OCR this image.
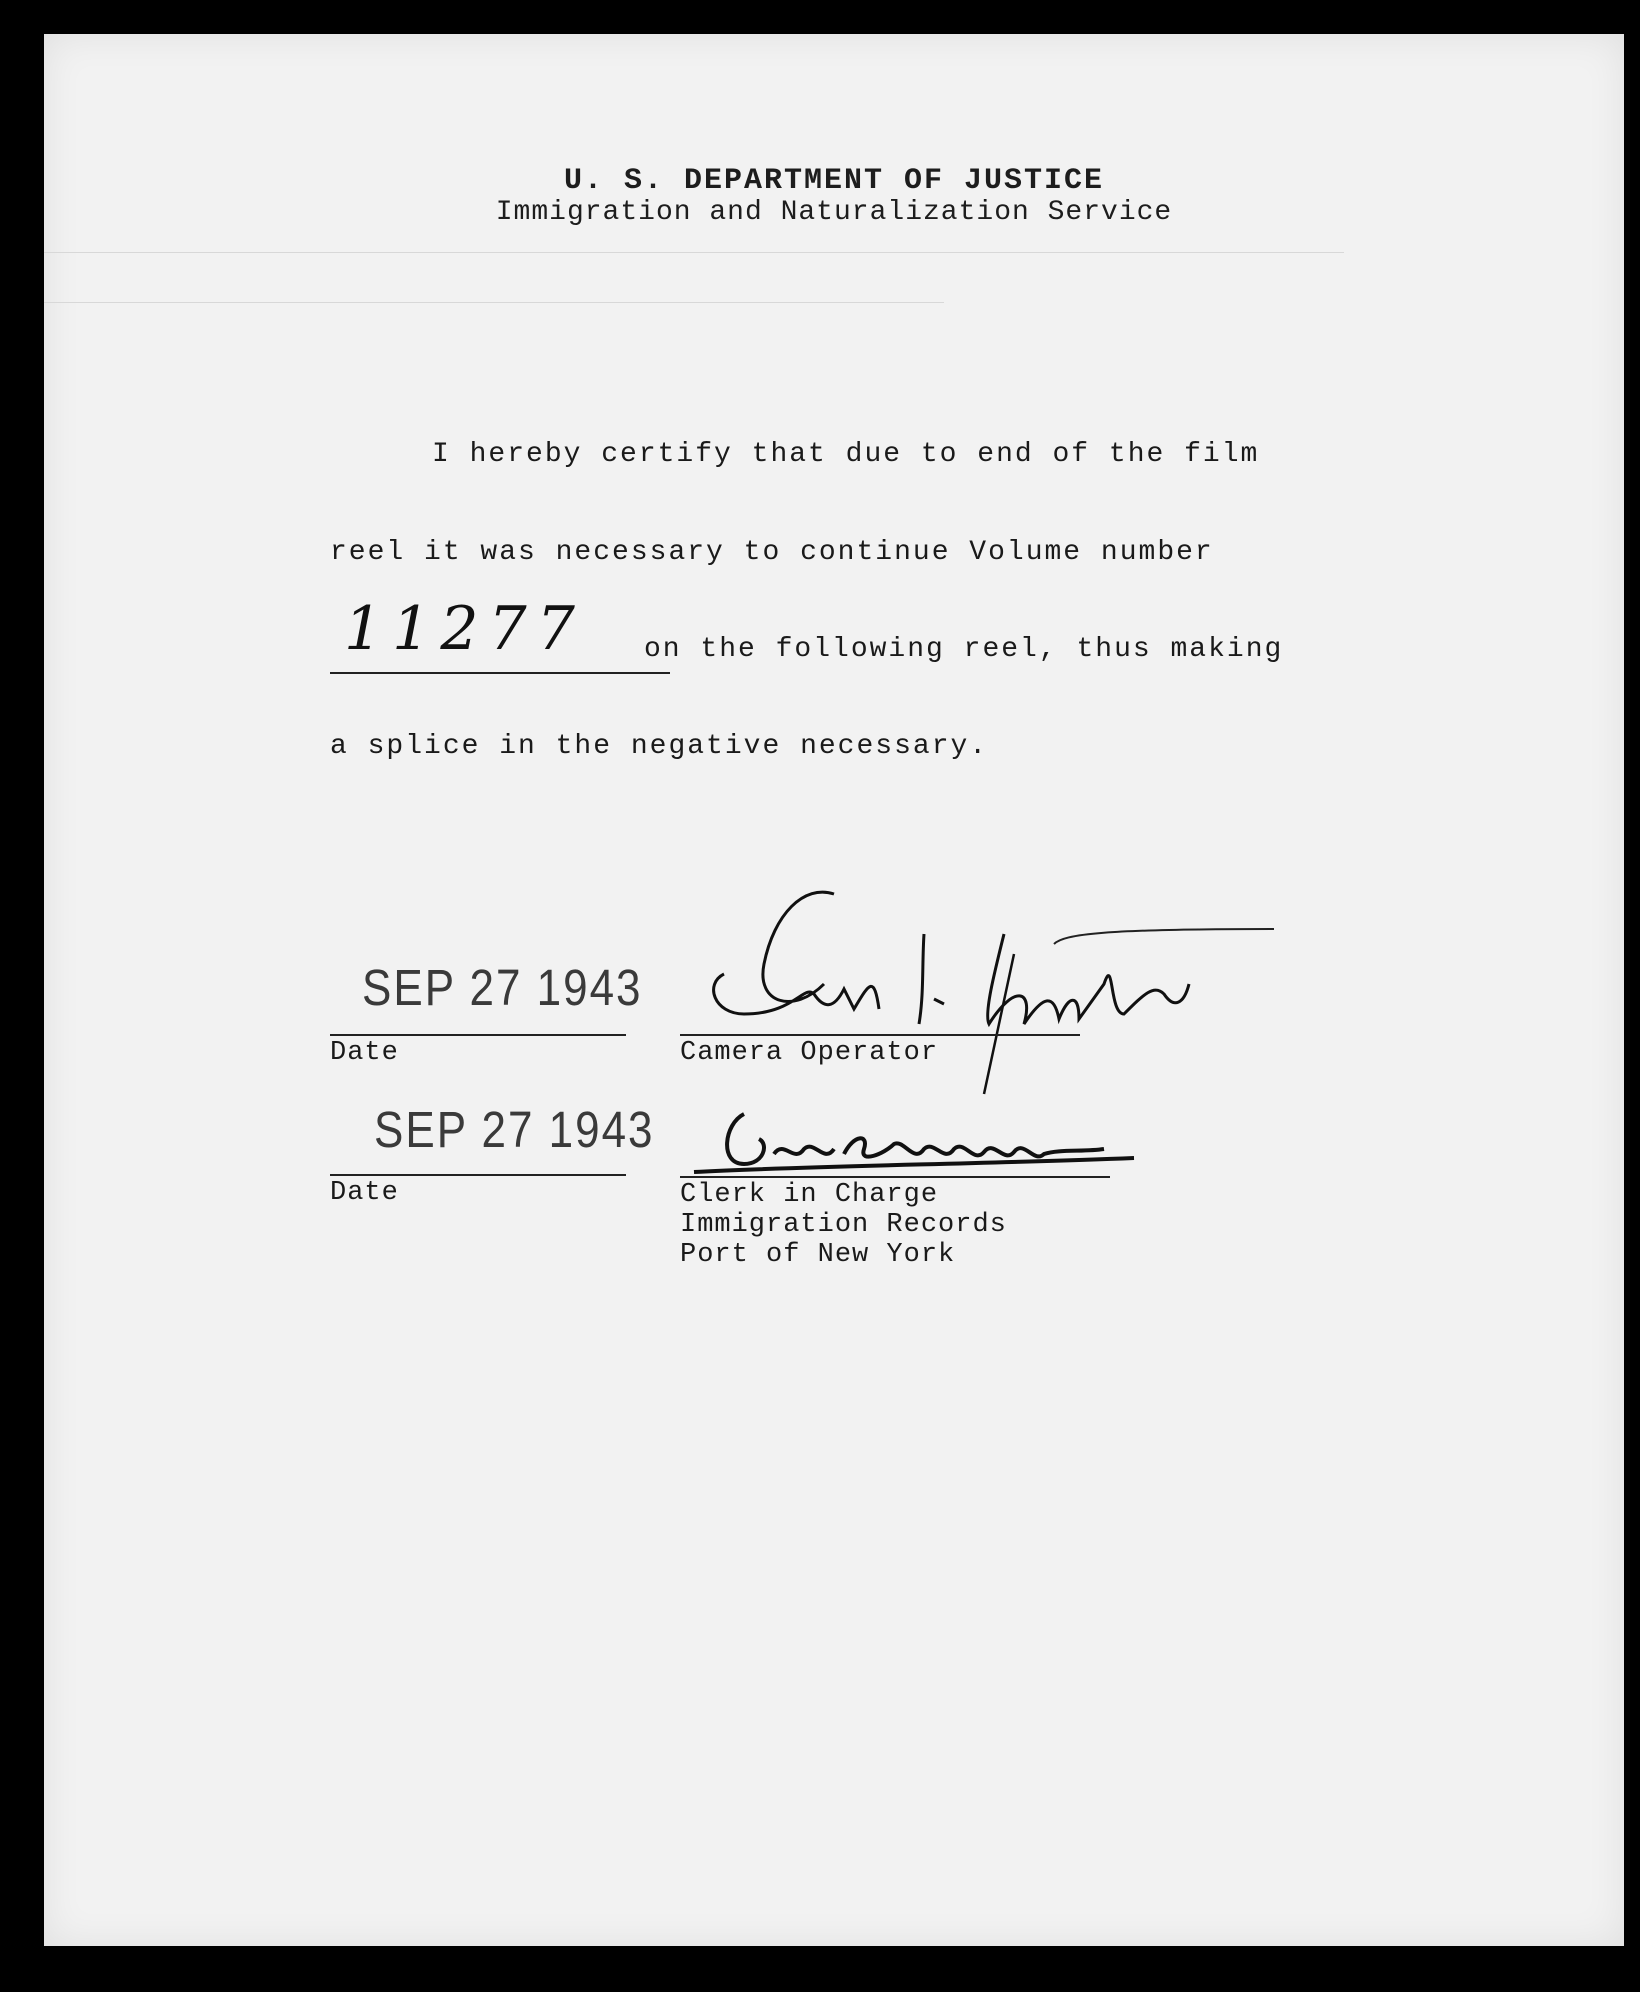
U. S. DEPARTMENT OF JUSTICE
Immigration and Naturalization Service
I hereby certify that due to end of the film
reel it was necessary to continue Volume number
11277 on the following reel, thus making
a splice in the negative necessary.
SEP 27 1943
Date
SEP 27 1943
Date
Camera Operator
Clerk in Charge
Immigration Records
Port of New York
